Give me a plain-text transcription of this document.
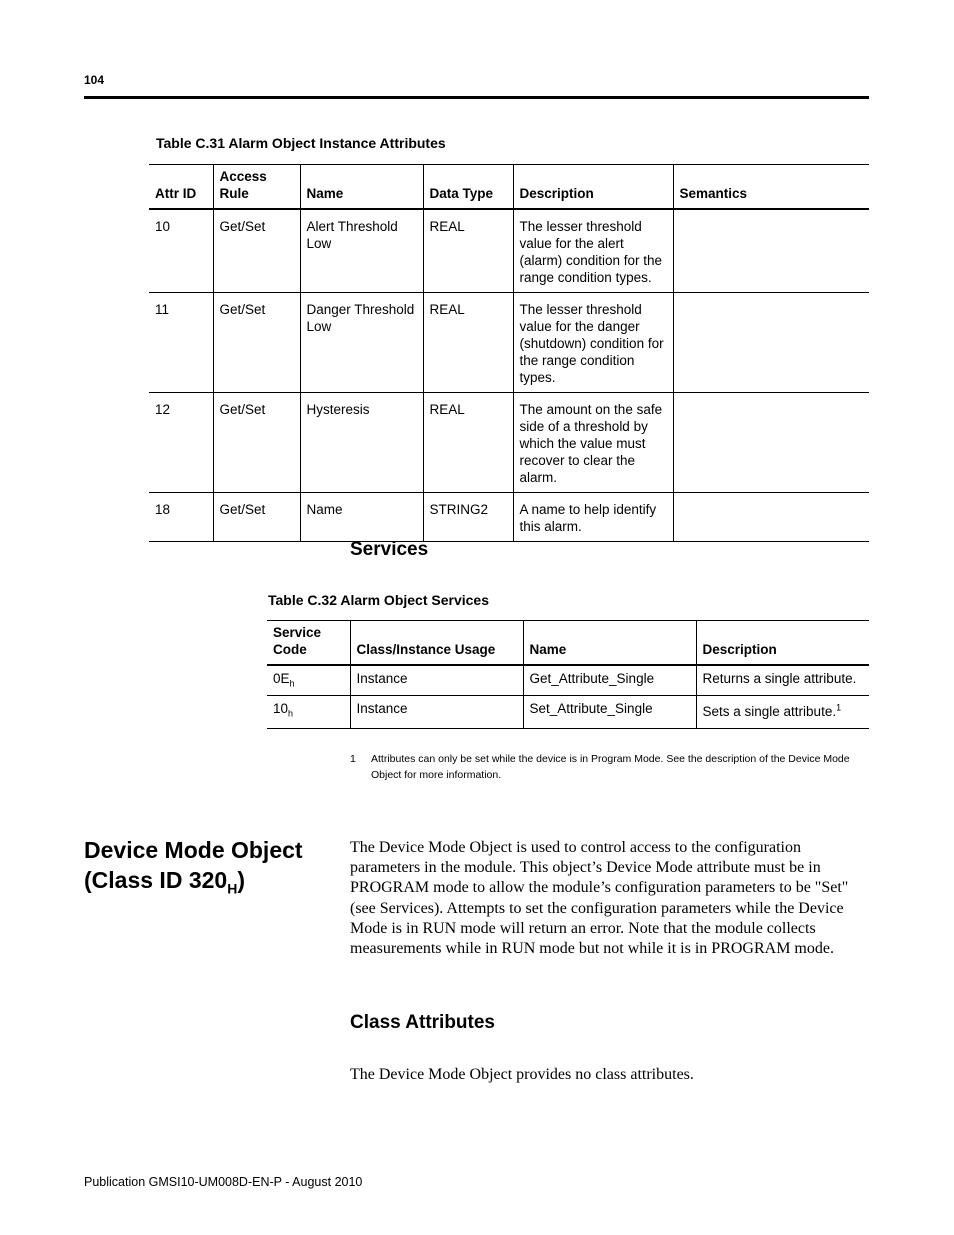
104
Table C.31 Alarm Object Instance Attributes
Attr ID	Access Rule	Name	Data Type	Description	Semantics
10	Get/Set	Alert Threshold Low	REAL	The lesser threshold value for the alert (alarm) condition for the range condition types.	
11	Get/Set	Danger Threshold Low	REAL	The lesser threshold value for the danger (shutdown) condition for the range condition types.	
12	Get/Set	Hysteresis	REAL	The amount on the safe side of a threshold by which the value must recover to clear the alarm.	
18	Get/Set	Name	STRING2	A name to help identify this alarm.	
Services
Table C.32 Alarm Object Services
Service Code	Class/Instance Usage	Name	Description
$0E_h$	Instance	Get_Attribute_Single	Returns a single attribute.
$10_h$	Instance	Set_Attribute_Single	Sets a single attribute.$^1$
1 Attributes can only be set while the device is in Program Mode. See the description of the Device Mode Object for more information.
Device Mode Object
(Class ID $320_H$)

The Device Mode Object is used to control access to the configuration parameters in the module. This object’s Device Mode attribute must be in PROGRAM mode to allow the module’s configuration parameters to be "Set" (see Services). Attempts to set the configuration parameters while the Device Mode is in RUN mode will return an error. Note that the module collects measurements while in RUN mode but not while it is in PROGRAM mode.

Class Attributes

The Device Mode Object provides no class attributes.

Publication GMSI10-UM008D-EN-P - August 2010
